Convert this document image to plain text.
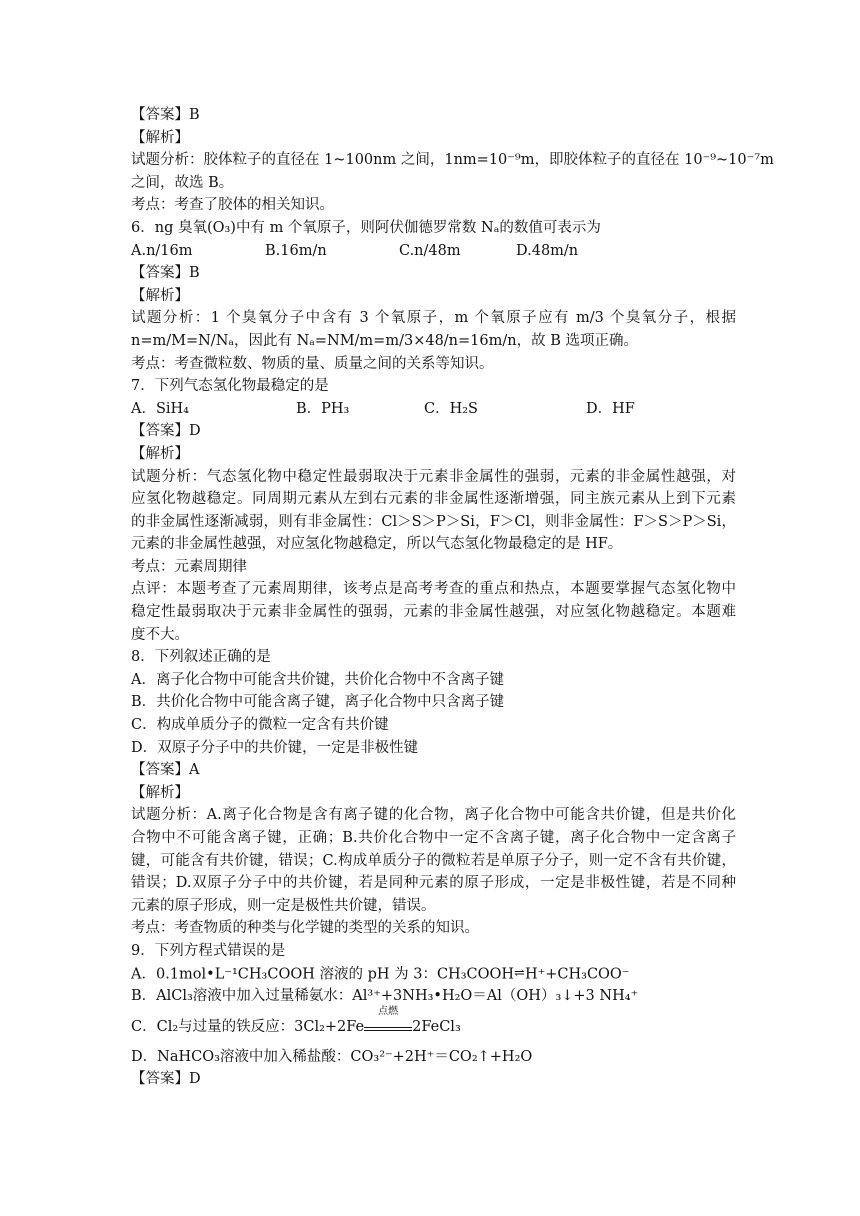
【答案】B
【解析】
试题分析：胶体粒子的直径在 1~100nm 之间，1nm=10⁻⁹m，即胶体粒子的直径在 10⁻⁹~10⁻⁷m
之间，故选 B。
考点：考查了胶体的相关知识。
6．ng 臭氧(O₃)中有 m 个氧原子，则阿伏伽德罗常数 Nₐ的数值可表示为
A.n/16m	B.16m/n	C.n/48m	D.48m/n
【答案】B
【解析】
试题分析：1 个臭氧分子中含有 3 个氧原子，m 个氧原子应有 m/3 个臭氧分子，根据
n=m/M=N/Nₐ，因此有 Nₐ=NM/m=m/3×48/n=16m/n，故 B 选项正确。
考点：考查微粒数、物质的量、质量之间的关系等知识。
7．下列气态氢化物最稳定的是
A．SiH₄	B．PH₃	C．H₂S	D．HF
【答案】D
【解析】
试题分析：气态氢化物中稳定性最弱取决于元素非金属性的强弱，元素的非金属性越强，对
应氢化物越稳定。同周期元素从左到右元素的非金属性逐渐增强，同主族元素从上到下元素
的非金属性逐渐减弱，则有非金属性：Cl＞S＞P＞Si，F＞Cl，则非金属性：F＞S＞P＞Si，
元素的非金属性越强，对应氢化物越稳定，所以气态氢化物最稳定的是 HF。
考点：元素周期律
点评：本题考查了元素周期律，该考点是高考考查的重点和热点，本题要掌握气态氢化物中
稳定性最弱取决于元素非金属性的强弱，元素的非金属性越强，对应氢化物越稳定。本题难
度不大。
8．下列叙述正确的是
A．离子化合物中可能含共价键，共价化合物中不含离子键
B．共价化合物中可能含离子键，离子化合物中只含离子键
C．构成单质分子的微粒一定含有共价键
D．双原子分子中的共价键，一定是非极性键
【答案】A
【解析】
试题分析：A.离子化合物是含有离子键的化合物，离子化合物中可能含共价键，但是共价化
合物中不可能含离子键，正确；B.共价化合物中一定不含离子键，离子化合物中一定含离子
键，可能含有共价键，错误；C.构成单质分子的微粒若是单原子分子，则一定不含有共价键，
错误；D.双原子分子中的共价键，若是同种元素的原子形成，一定是非极性键，若是不同种
元素的原子形成，则一定是极性共价键，错误。
考点：考查物质的种类与化学键的类型的关系的知识。
9．下列方程式错误的是
A．0.1mol•L⁻¹CH₃COOH 溶液的 pH 为 3：CH₃COOH⇌H⁺+CH₃COO⁻
B．AlCl₃溶液中加入过量稀氨水：Al³⁺+3NH₃•H₂O＝Al（OH）₃↓+3 NH₄⁺
C．Cl₂与过量的铁反应：3Cl₂+2Fe
点燃
2FeCl₃
D．NaHCO₃溶液中加入稀盐酸：CO₃²⁻+2H⁺＝CO₂↑+H₂O
【答案】D
